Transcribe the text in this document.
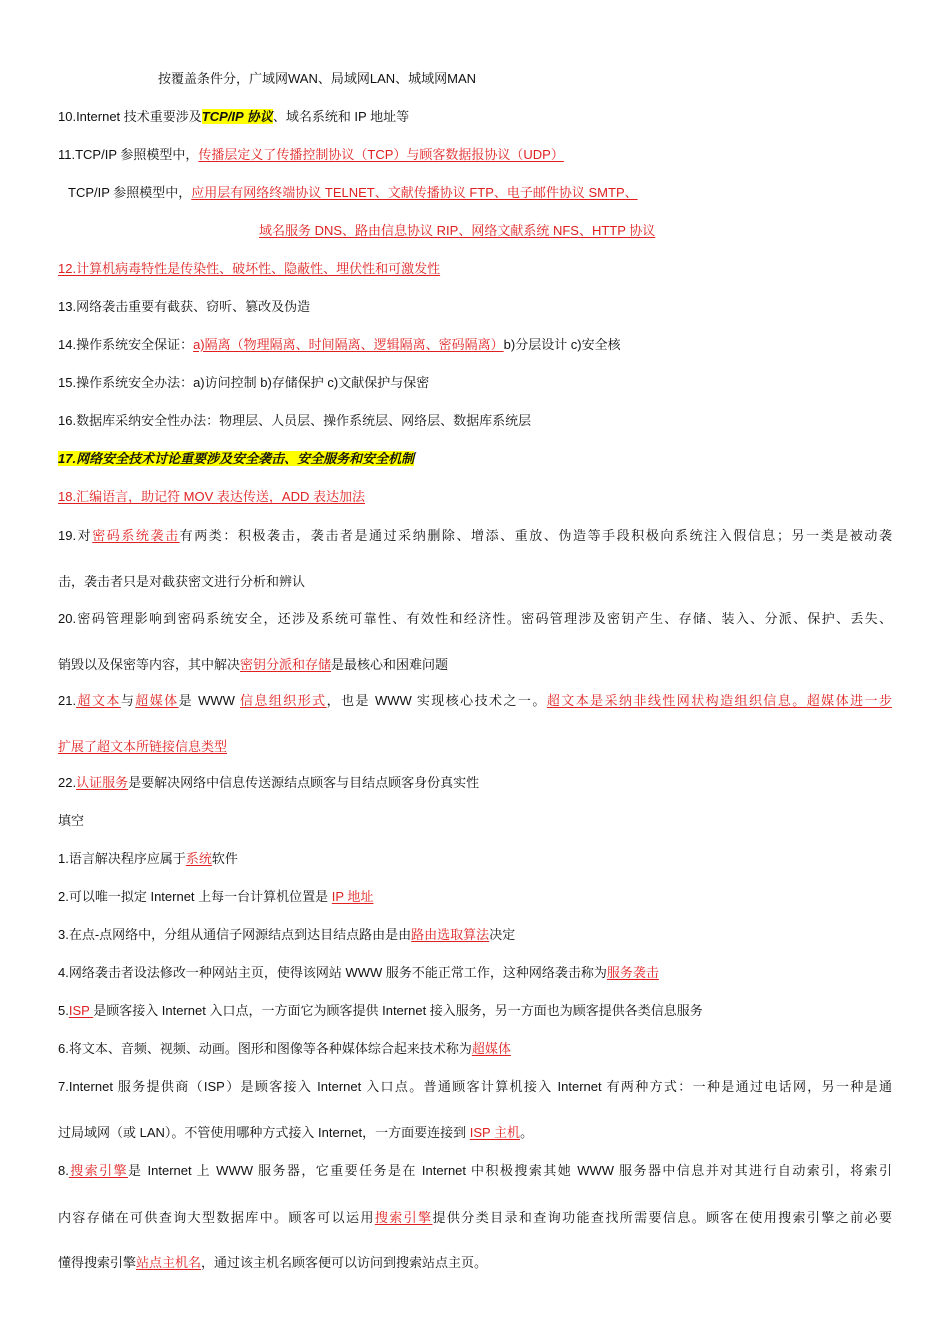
按覆盖条件分，广域网WAN、局域网LAN、城域网MAN
10.Internet 技术重要涉及TCP/IP 协议、域名系统和 IP 地址等
11.TCP/IP 参照模型中，传播层定义了传播控制协议（TCP）与顾客数据报协议（UDP）
TCP/IP 参照模型中，应用层有网络终端协议 TELNET、文献传播协议 FTP、电子邮件协议 SMTP、
域名服务 DNS、路由信息协议 RIP、网络文献系统 NFS、HTTP 协议
12.计算机病毒特性是传染性、破坏性、隐蔽性、埋伏性和可激发性
13.网络袭击重要有截获、窃听、篡改及伪造
14.操作系统安全保证：a)隔离（物理隔离、时间隔离、逻辑隔离、密码隔离）b)分层设计 c)安全核
15.操作系统安全办法：a)访问控制 b)存储保护 c)文献保护与保密
16.数据库采纳安全性办法：物理层、人员层、操作系统层、网络层、数据库系统层
17.网络安全技术讨论重要涉及安全袭击、安全服务和安全机制
18.汇编语言，助记符 MOV 表达传送，ADD 表达加法
19.对密码系统袭击有两类：积极袭击，袭击者是通过采纳删除、增添、重放、伪造等手段积极向系统注入假信息；另一类是被动袭
击，袭击者只是对截获密文进行分析和辨认
20.密码管理影响到密码系统安全，还涉及系统可靠性、有效性和经济性。密码管理涉及密钥产生、存储、装入、分派、保护、丢失、
销毁以及保密等内容，其中解决密钥分派和存储是最核心和困难问题
21.超文本与超媒体是 WWW 信息组织形式，也是 WWW 实现核心技术之一。超文本是采纳非线性网状构造组织信息。超媒体进一步
扩展了超文本所链接信息类型
22.认证服务是要解决网络中信息传送源结点顾客与目结点顾客身份真实性
填空
1.语言解决程序应属于系统软件
2.可以唯一拟定 Internet 上每一台计算机位置是 IP 地址
3.在点-点网络中，分组从通信子网源结点到达目结点路由是由路由选取算法决定
4.网络袭击者设法修改一种网站主页，使得该网站 WWW 服务不能正常工作，这种网络袭击称为服务袭击
5.ISP 是顾客接入 Internet 入口点，一方面它为顾客提供 Internet 接入服务，另一方面也为顾客提供各类信息服务
6.将文本、音频、视频、动画。图形和图像等各种媒体综合起来技术称为超媒体
7.Internet 服务提供商（ISP）是顾客接入 Internet 入口点。普通顾客计算机接入 Internet 有两种方式：一种是通过电话网，另一种是通
过局域网（或 LAN）。不管使用哪种方式接入 Internet，一方面要连接到 ISP 主机。
8.搜索引擎是 Internet 上 WWW 服务器，它重要任务是在 Internet 中积极搜索其她 WWW 服务器中信息并对其进行自动索引，将索引
内容存储在可供查询大型数据库中。顾客可以运用搜索引擎提供分类目录和查询功能查找所需要信息。顾客在使用搜索引擎之前必要
懂得搜索引擎站点主机名，通过该主机名顾客便可以访问到搜索站点主页。
